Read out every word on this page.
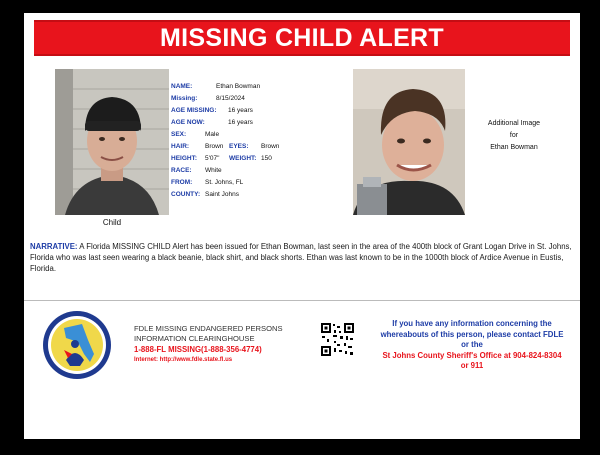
MISSING CHILD ALERT
Child
NAME:	Ethan Bowman
Missing:	8/15/2024
AGE MISSING: 16 years
AGE NOW:	16 years
SEX:	Male
HAIR: Brown EYES: Brown
HEIGHT: 5'07" WEIGHT: 150
RACE: White
FROM: St. Johns, FL
COUNTY: Saint Johns
Additional Image
for
Ethan Bowman
NARRATIVE: A Florida MISSING CHILD Alert has been issued for Ethan Bowman, last seen in the area of the 400th block of Grant Logan Drive in St. Johns, Florida who was last seen wearing a black beanie, black shirt, and black shorts. Ethan was last known to be in the 1000th block of Ardice Avenue in Eustis, Florida.
FDLE MISSING ENDANGERED PERSONS
INFORMATION CLEARINGHOUSE
1-888-FL MISSING(1-888-356-4774)
Internet: http://www.fdle.state.fl.us
If you have any information concerning the
whereabouts of this person, please contact FDLE
or the
St Johns County Sheriff's Office at 904-824-8304
or 911
